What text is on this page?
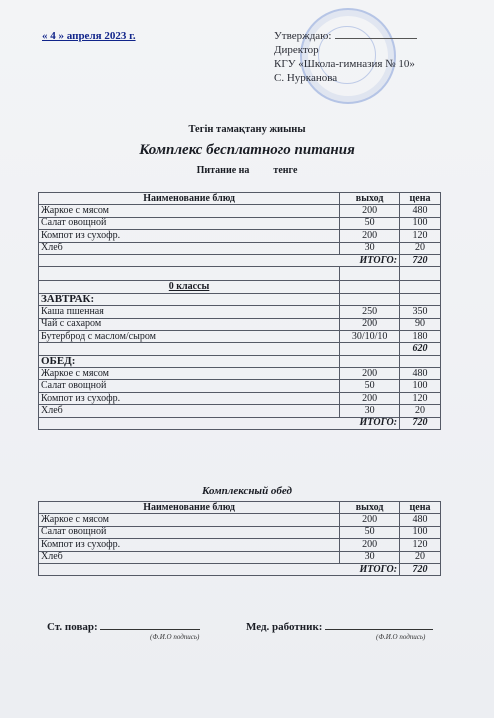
« 4 » апреля 2023 г.	Утверждаю:
Директор
КГУ «Школа-гимназия № 10»
С. Нурканова
Тегін тамақтану жиыны
Комплекс бесплатного питания
Питание на тенге
Наименование блюд	выход	цена
Жаркое с мясом	200	480
Салат овощной	50	100
Компот из сухофр.	200	120
Хлеб	30	20
ИТОГО:		720

0 классы		
ЗАВТРАК:		
Каша пшенная	250	350
Чай с сахаром	200	90
Бутерброд с маслом/сыром	30/10/10	180
		620
ОБЕД:		
Жаркое с мясом	200	480
Салат овощной	50	100
Компот из сухофр.	200	120
Хлеб	30	20
ИТОГО:		720
Комплексный обед
Наименование блюд	выход	цена
Жаркое с мясом	200	480
Салат овощной	50	100
Компот из сухофр.	200	120
Хлеб	30	20
ИТОГО:		720
Ст. повар:
(Ф.И.О подпись)
Мед. работник:
(Ф.И.О подпись)
